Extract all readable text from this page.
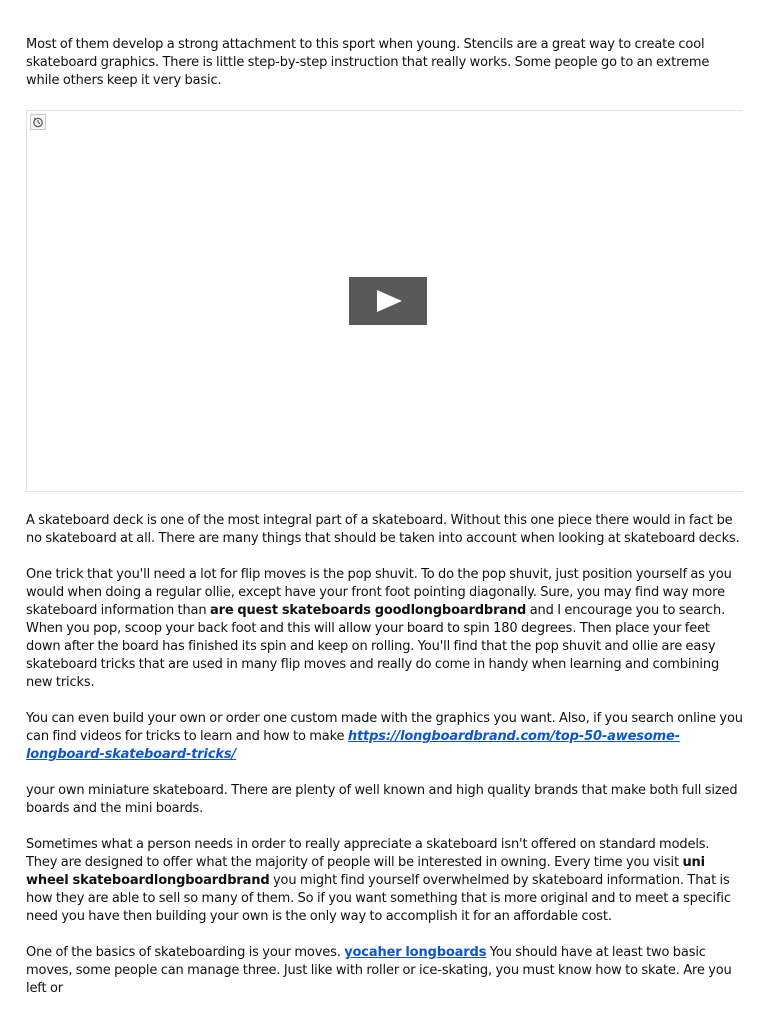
Most of them develop a strong attachment to this sport when young. Stencils are a great way to create cool skateboard graphics. There is little step-by-step instruction that really works. Some people go to an extreme while others keep it very basic.

A skateboard deck is one of the most integral part of a skateboard. Without this one piece there would in fact be no skateboard at all. There are many things that should be taken into account when looking at skateboard decks.

One trick that you'll need a lot for flip moves is the pop shuvit. To do the pop shuvit, just position yourself as you would when doing a regular ollie, except have your front foot pointing diagonally. Sure, you may find way more skateboard information than are quest skateboards goodlongboardbrand and I encourage you to search. When you pop, scoop your back foot and this will allow your board to spin 180 degrees. Then place your feet down after the board has finished its spin and keep on rolling. You'll find that the pop shuvit and ollie are easy skateboard tricks that are used in many flip moves and really do come in handy when learning and combining new tricks.

You can even build your own or order one custom made with the graphics you want. Also, if you search online you can find videos for tricks to learn and how to make https://longboardbrand.com/top-50-awesome-longboard-skateboard-tricks/

your own miniature skateboard. There are plenty of well known and high quality brands that make both full sized boards and the mini boards.

Sometimes what a person needs in order to really appreciate a skateboard isn't offered on standard models. They are designed to offer what the majority of people will be interested in owning. Every time you visit uni wheel skateboardlongboardbrand you might find yourself overwhelmed by skateboard information. That is how they are able to sell so many of them. So if you want something that is more original and to meet a specific need you have then building your own is the only way to accomplish it for an affordable cost.

One of the basics of skateboarding is your moves. yocaher longboards You should have at least two basic moves, some people can manage three. Just like with roller or ice-skating, you must know how to skate. Are you left or
